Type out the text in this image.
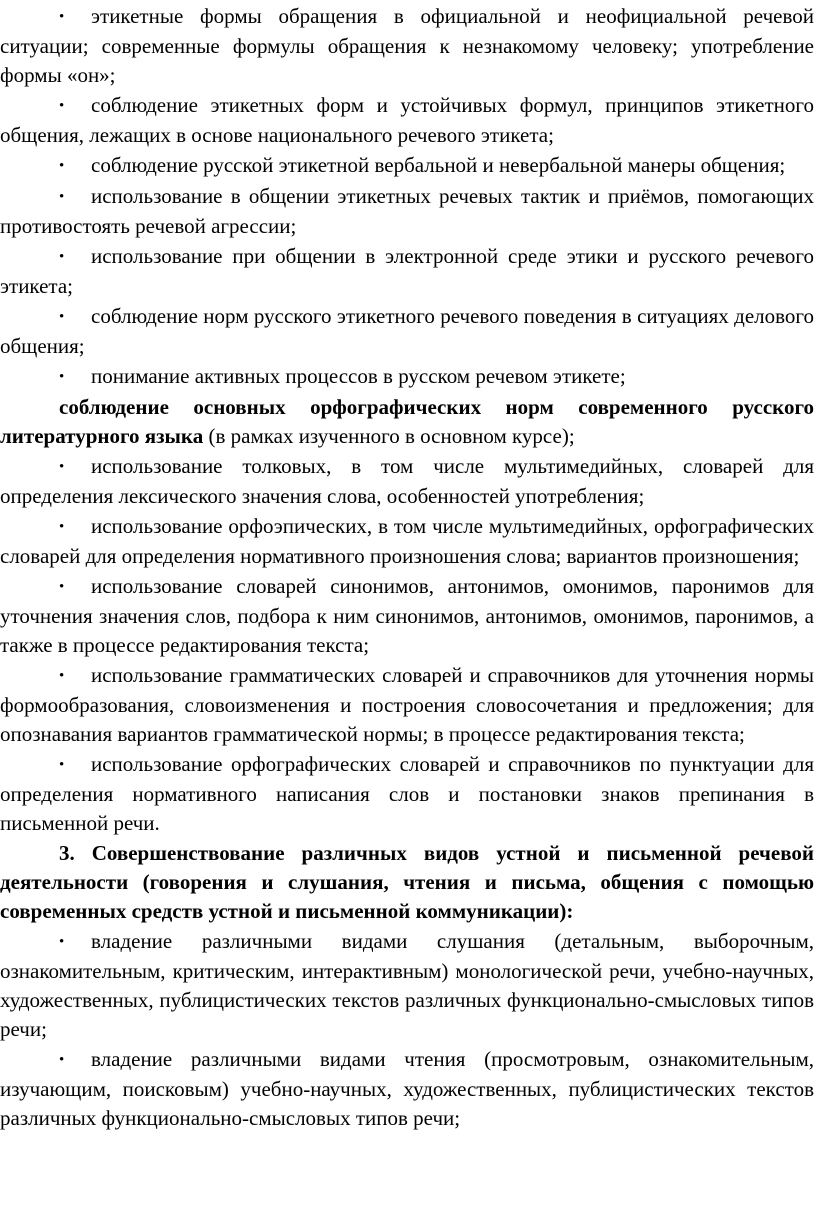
• этикетные формы обращения в официальной и неофициальной речевой ситуации; современные формулы обращения к незнакомому человеку; употребление формы «он»;

• соблюдение этикетных форм и устойчивых формул, принципов этикетного общения, лежащих в основе национального речевого этикета;

• соблюдение русской этикетной вербальной и невербальной манеры общения;

• использование в общении этикетных речевых тактик и приёмов, помогающих противостоять речевой агрессии;

• использование при общении в электронной среде этики и русского речевого этикета;

• соблюдение норм русского этикетного речевого поведения в ситуациях делового общения;

• понимание активных процессов в русском речевом этикете;

соблюдение основных орфографических норм современного русского литературного языка (в рамках изученного в основном курсе);

• использование толковых, в том числе мультимедийных, словарей для определения лексического значения слова, особенностей употребления;

• использование орфоэпических, в том числе мультимедийных, орфографических словарей для определения нормативного произношения слова; вариантов произношения;

• использование словарей синонимов, антонимов, омонимов, паронимов для уточнения значения слов, подбора к ним синонимов, антонимов, омонимов, паронимов, а также в процессе редактирования текста;

• использование грамматических словарей и справочников для уточнения нормы формообразования, словоизменения и построения словосочетания и предложения; для опознавания вариантов грамматической нормы; в процессе редактирования текста;

• использование орфографических словарей и справочников по пунктуации для определения нормативного написания слов и постановки знаков препинания в письменной речи.

3. Совершенствование различных видов устной и письменной речевой деятельности (говорения и слушания, чтения и письма, общения с помощью современных средств устной и письменной коммуникации):

• владение различными видами слушания (детальным, выборочным, ознакомительным, критическим, интерактивным) монологической речи, учебно-научных, художественных, публицистических текстов различных функционально-смысловых типов речи;

• владение различными видами чтения (просмотровым, ознакомительным, изучающим, поисковым) учебно-научных, художественных, публицистических текстов различных функционально-смысловых типов речи;
